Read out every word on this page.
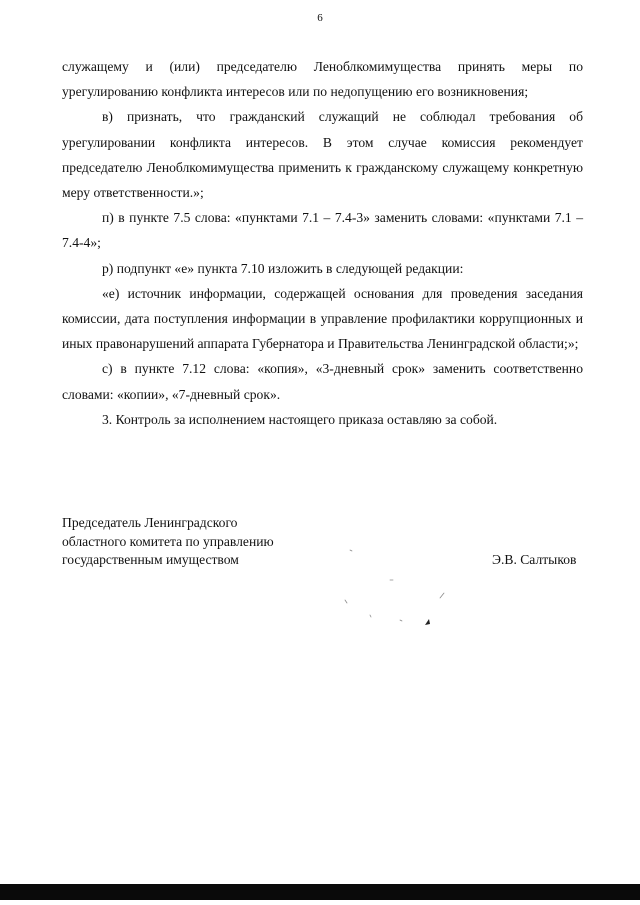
6

служащему и (или) председателю Леноблкомимущества принять меры по урегулированию конфликта интересов или по недопущению его возникновения;

в) признать, что гражданский служащий не соблюдал требования об урегулировании конфликта интересов. В этом случае комиссия рекомендует председателю Леноблкомимущества применить к гражданскому служащему конкретную меру ответственности.»;

п) в пункте 7.5 слова: «пунктами 7.1 – 7.4-3» заменить словами: «пунктами 7.1 – 7.4-4»;

р) подпункт «е» пункта 7.10 изложить в следующей редакции:

«е) источник информации, содержащей основания для проведения заседания комиссии, дата поступления информации в управление профилактики коррупционных и иных правонарушений аппарата Губернатора и Правительства Ленинградской области;»;

с) в пункте 7.12 слова: «копия», «3-дневный срок» заменить соответственно словами: «копии», «7-дневный срок».

3. Контроль за исполнением настоящего приказа оставляю за собой.

Председатель Ленинградского
областного комитета по управлению
государственным имуществом	Э.В. Салтыков
